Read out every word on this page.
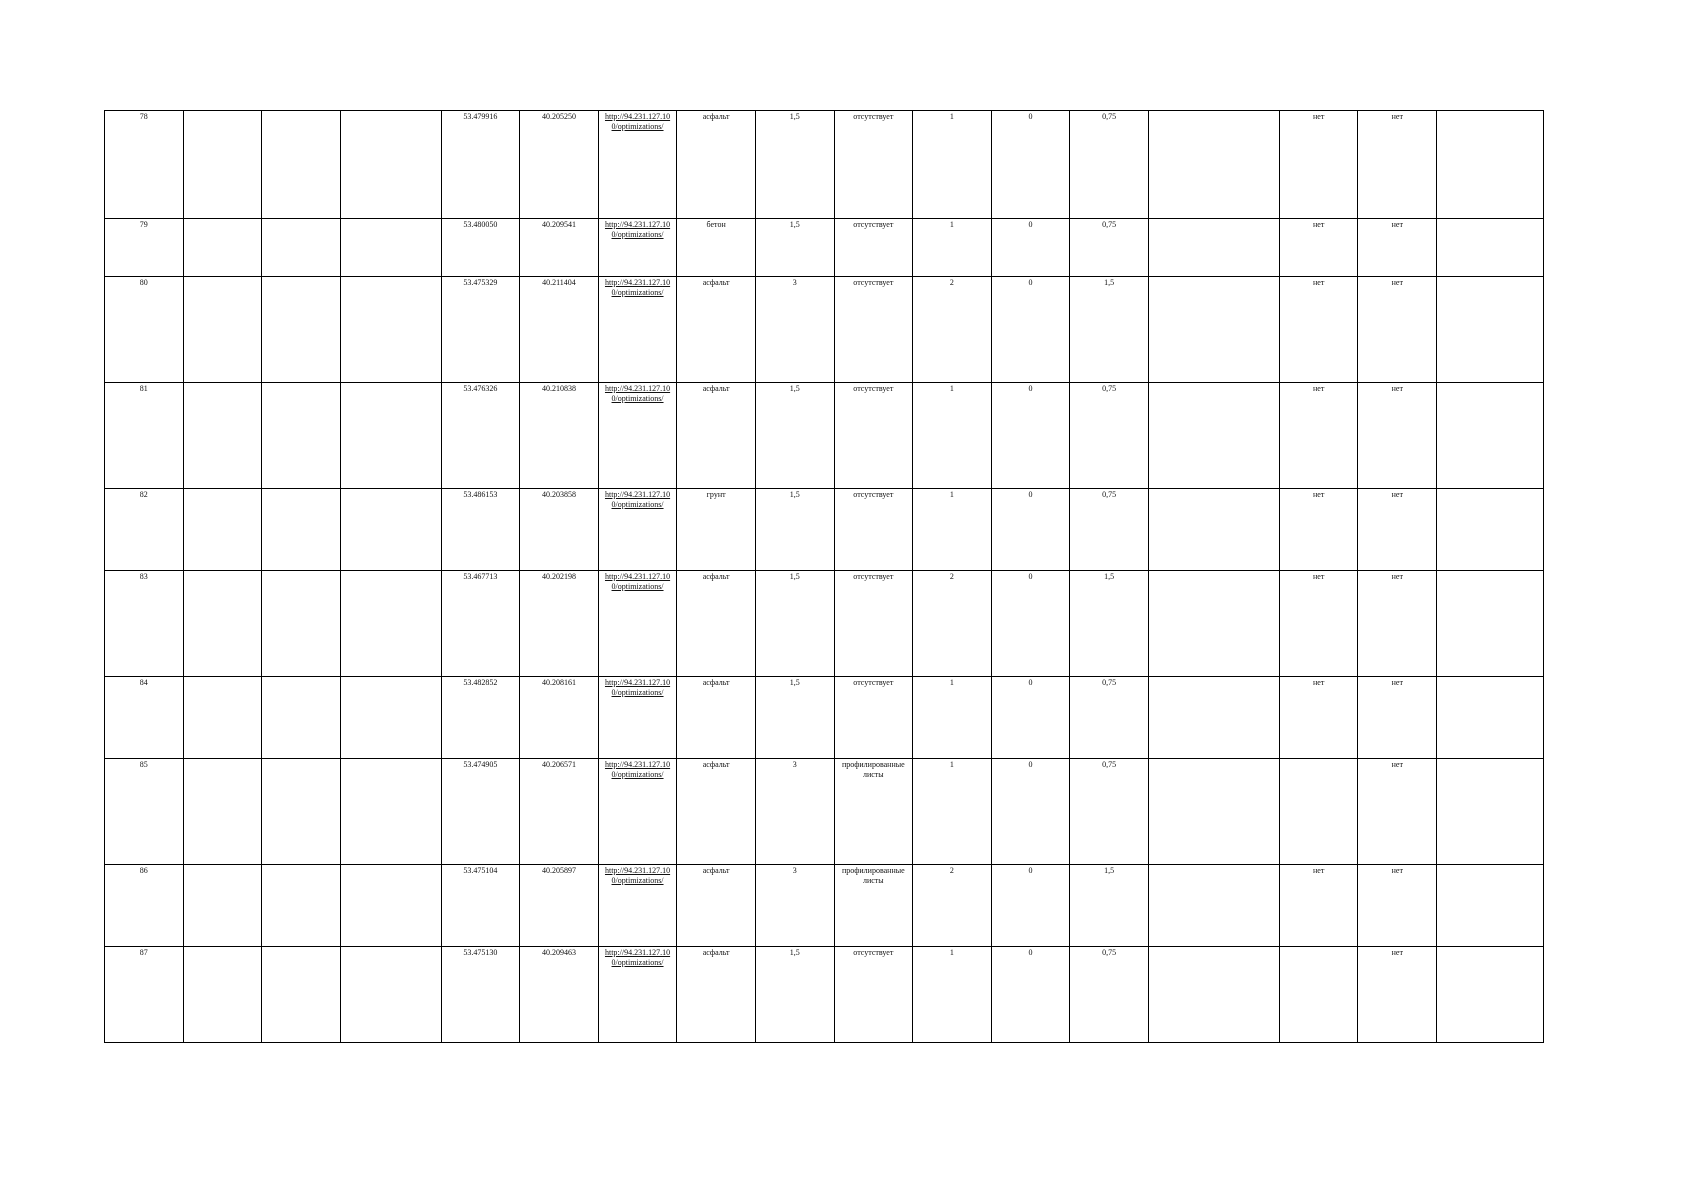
78				53.479916	40.205250	http://94.231.127.10 0/optimizations/	асфальт	1,5	отсутствует	1	0	0,75		нет	нет	
79				53.480050	40.209541	http://94.231.127.10 0/optimizations/	бетон	1,5	отсутствует	1	0	0,75		нет	нет	
80				53.475329	40.211404	http://94.231.127.10 0/optimizations/	асфальт	3	отсутствует	2	0	1,5		нет	нет	
81				53.476326	40.210838	http://94.231.127.10 0/optimizations/	асфальт	1,5	отсутствует	1	0	0,75		нет	нет	
82				53.486153	40.203858	http://94.231.127.10 0/optimizations/	грунт	1,5	отсутствует	1	0	0,75		нет	нет	
83				53.467713	40.202198	http://94.231.127.10 0/optimizations/	асфальт	1,5	отсутствует	2	0	1,5		нет	нет	
84				53.482852	40.208161	http://94.231.127.10 0/optimizations/	асфальт	1,5	отсутствует	1	0	0,75		нет	нет	
85				53.474905	40.206571	http://94.231.127.10 0/optimizations/	асфальт	3	профилированные листы	1	0	0,75			нет	
86				53.475104	40.205897	http://94.231.127.10 0/optimizations/	асфальт	3	профилированные листы	2	0	1,5		нет	нет	
87				53.475130	40.209463	http://94.231.127.10 0/optimizations/	асфальт	1,5	отсутствует	1	0	0,75			нет	
